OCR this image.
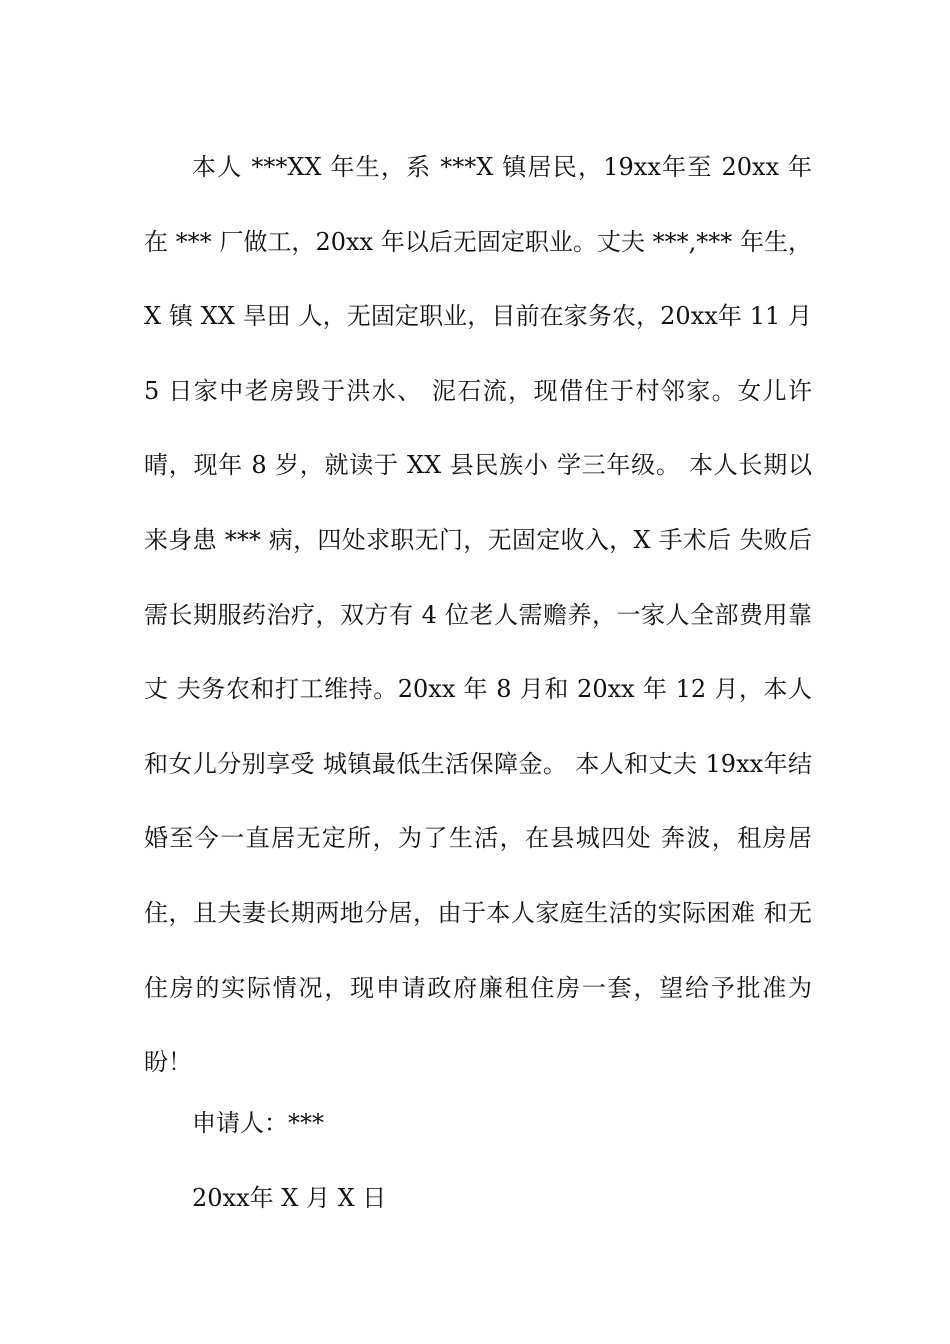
本人 ***XX 年生，系 ***X 镇居民，19xx年至 20xx 年在 *** 厂做工，20xx 年以后无固定职业。丈夫 ***,*** 年生，X 镇 XX 旱田 人，无固定职业，目前在家务农，20xx年 11 月 5 日家中老房毁于洪水、 泥石流，现借住于村邻家。女儿许晴，现年 8 岁，就读于 XX 县民族小 学三年级。 本人长期以来身患 *** 病，四处求职无门，无固定收入，X 手术后 失败后需长期服药治疗，双方有 4 位老人需赡养，一家人全部费用靠丈 夫务农和打工维持。20xx 年 8 月和 20xx 年 12 月，本人和女儿分别享受 城镇最低生活保障金。 本人和丈夫 19xx年结婚至今一直居无定所，为了生活，在县城四处 奔波，租房居住，且夫妻长期两地分居，由于本人家庭生活的实际困难 和无住房的实际情况，现申请政府廉租住房一套，望给予批准为盼！

申请人：***

20xx年 X 月 X 日
